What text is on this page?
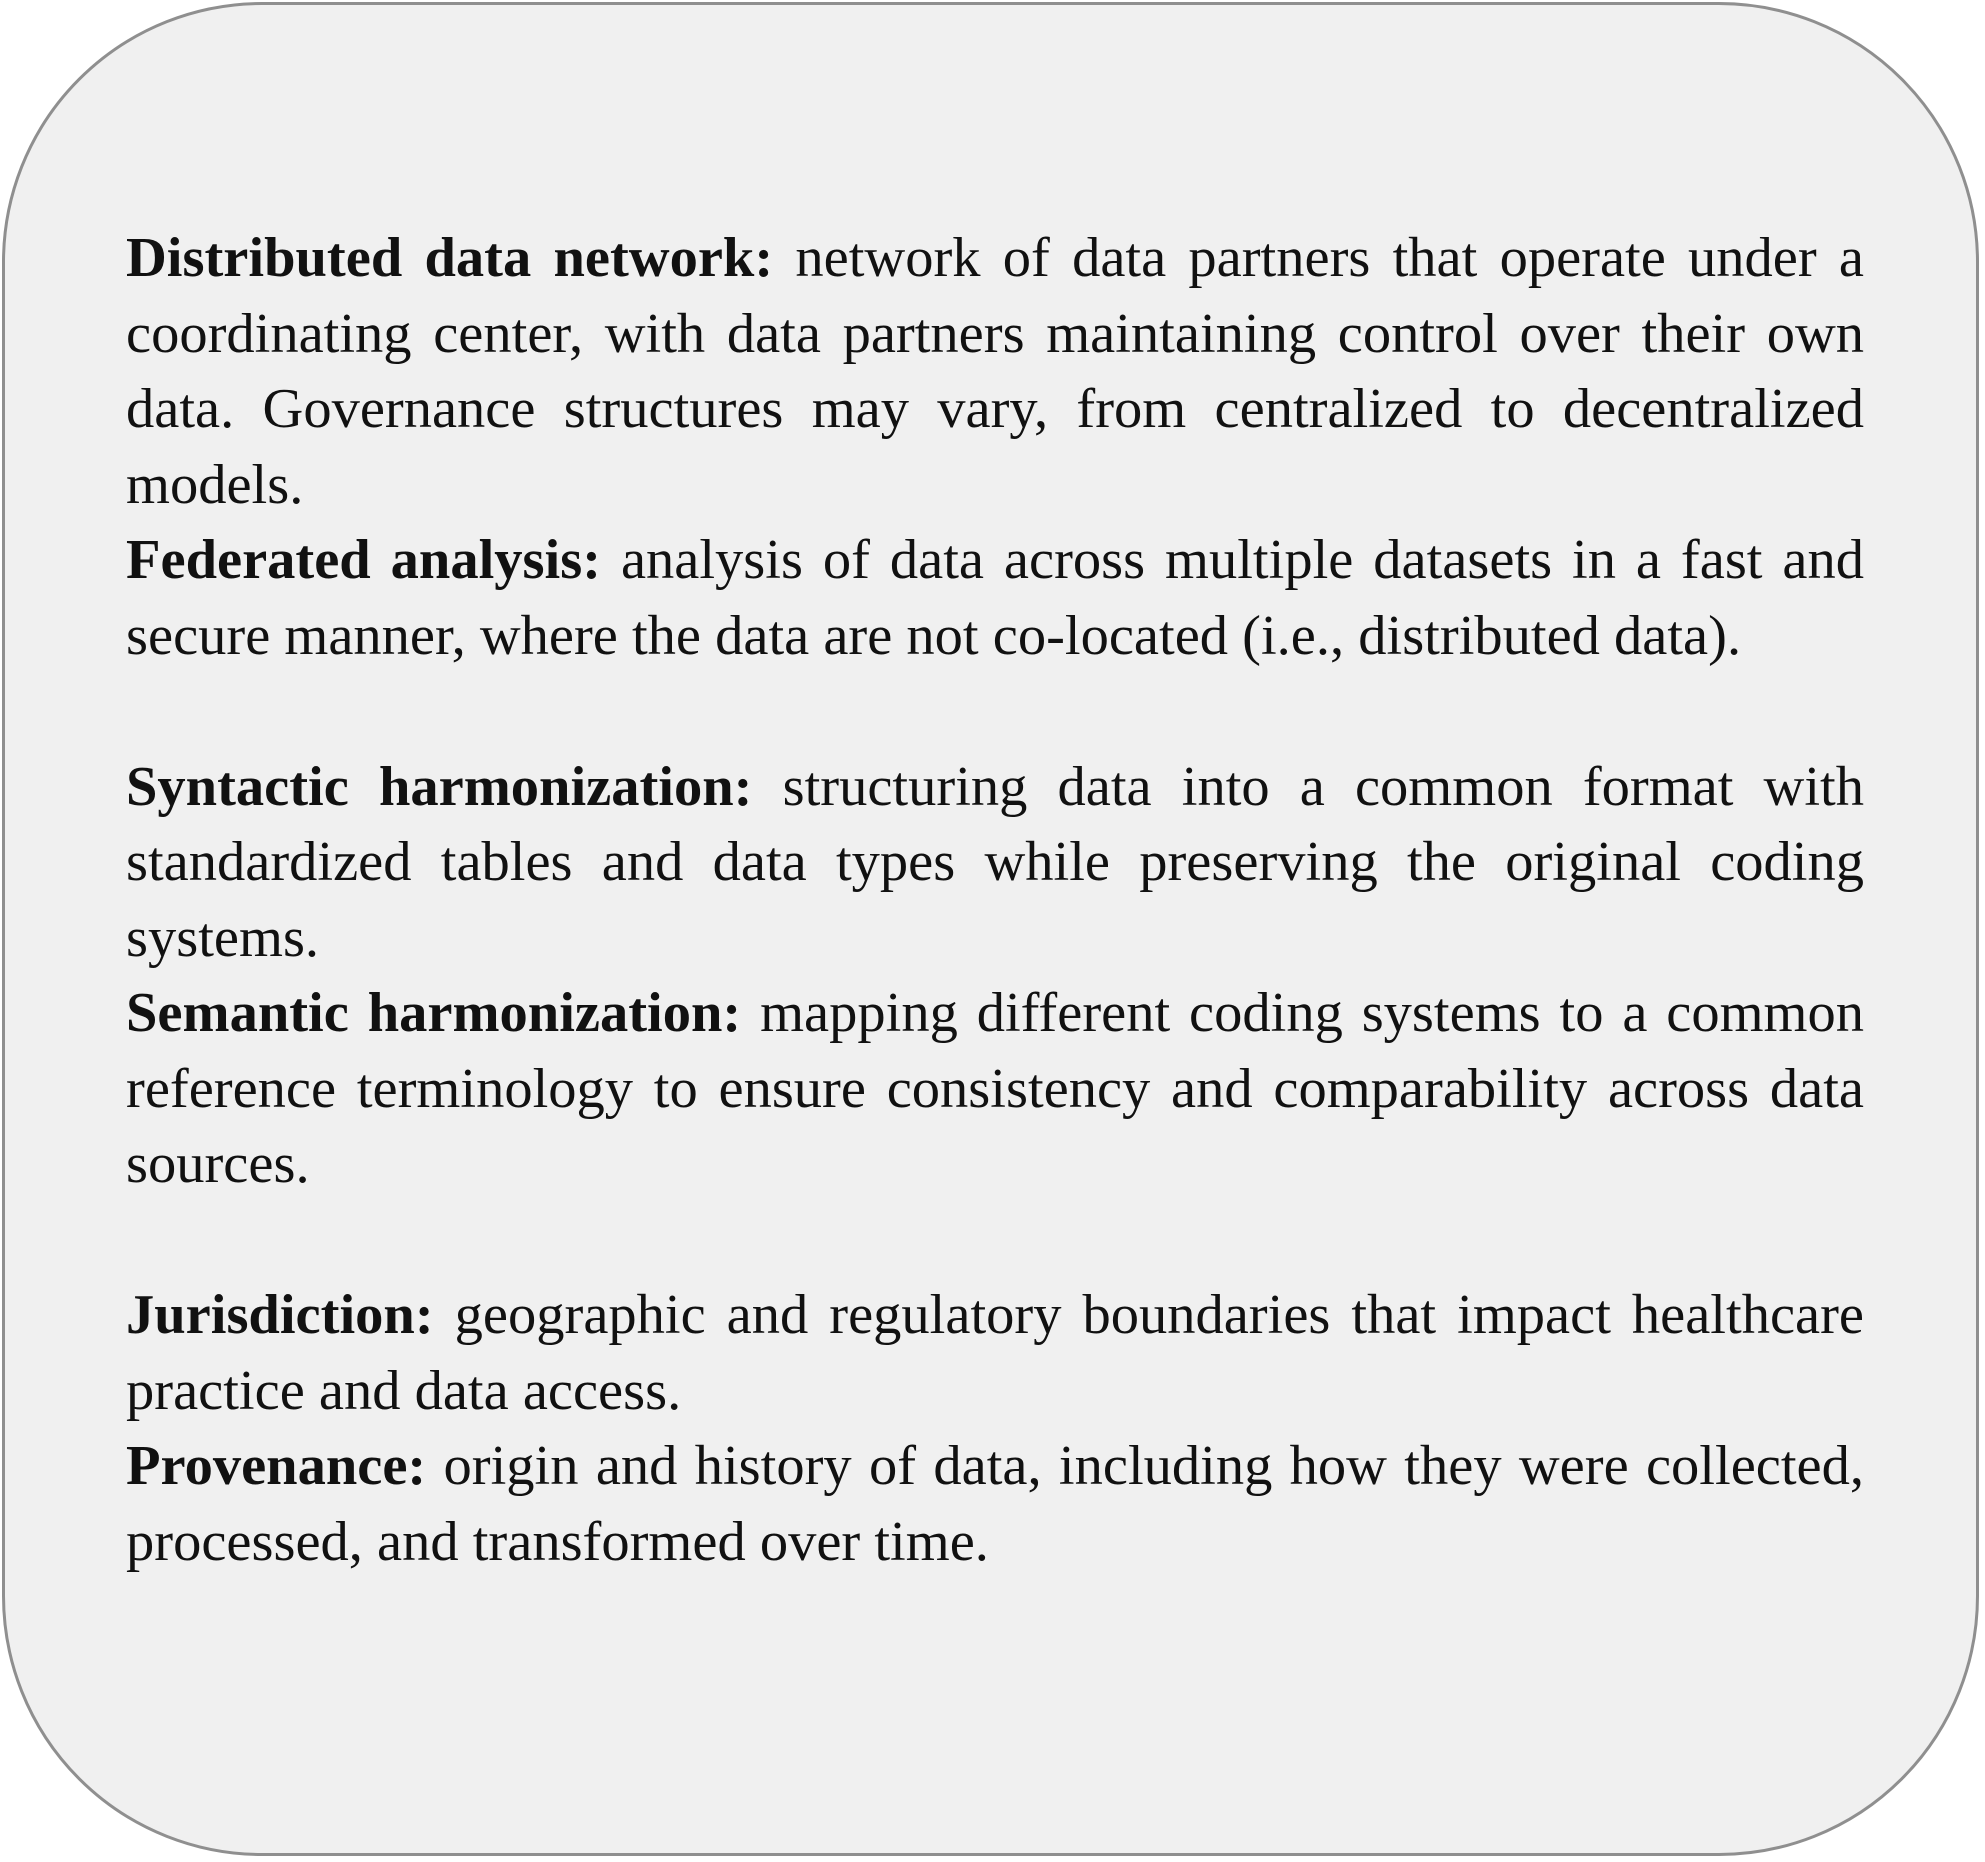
Distributed data network: network of data partners that operate under a coordinating center, with data partners maintaining control over their own data. Governance structures may vary, from centralized to decentralized models.

Federated analysis: analysis of data across multiple datasets in a fast and secure manner, where the data are not co-located (i.e., distributed data).

Syntactic harmonization: structuring data into a common format with standardized tables and data types while preserving the original coding systems.

Semantic harmonization: mapping different coding systems to a common reference terminology to ensure consistency and comparability across data sources.

Jurisdiction: geographic and regulatory boundaries that impact healthcare practice and data access.

Provenance: origin and history of data, including how they were collected, processed, and transformed over time.
